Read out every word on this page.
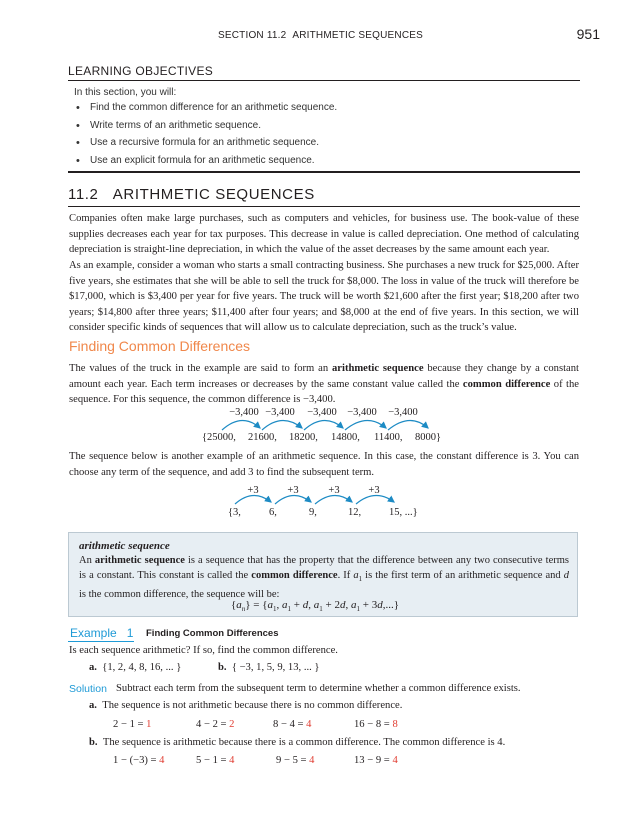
SECTION 11.2 ARITHMETIC SEQUENCES	951
LEARNING OBJECTIVES
In this section, you will:
• Find the common difference for an arithmetic sequence.
• Write terms of an arithmetic sequence.
• Use a recursive formula for an arithmetic sequence.
• Use an explicit formula for an arithmetic sequence.
11.2 ARITHMETIC SEQUENCES
Companies often make large purchases, such as computers and vehicles, for business use. The book-value of these supplies decreases each year for tax purposes. This decrease in value is called depreciation. One method of calculating depreciation is straight-line depreciation, in which the value of the asset decreases by the same amount each year.
As an example, consider a woman who starts a small contracting business. She purchases a new truck for $25,000. After five years, she estimates that she will be able to sell the truck for $8,000. The loss in value of the truck will therefore be $17,000, which is $3,400 per year for five years. The truck will be worth $21,600 after the first year; $18,200 after two years; $14,800 after three years; $11,400 after four years; and $8,000 at the end of five years. In this section, we will consider specific kinds of sequences that will allow us to calculate depreciation, such as the truck’s value.
Finding Common Differences
The values of the truck in the example are said to form an arithmetic sequence because they change by a constant amount each year. Each term increases or decreases by the same constant value called the common difference of the sequence. For this sequence, the common difference is −3,400.
−3,400 −3,400 −3,400 −3,400 −3,400
{25000, 21600, 18200, 14800, 11400, 8000}
The sequence below is another example of an arithmetic sequence. In this case, the constant difference is 3. You can choose any term of the sequence, and add 3 to find the subsequent term.
+3	+3	+3	+3
{3,	6,	9,	12,	15, ...}
arithmetic sequence
An arithmetic sequence is a sequence that has the property that the difference between any two consecutive terms is a constant. This constant is called the common difference. If $a_1$ is the first term of an arithmetic sequence and d is the common difference, the sequence will be:
$\{a_n\} = \{a_1$, $a_1 + d$, $a_1 + 2d$, $a_1 + 3d$,...}
Example 1 Finding Common Differences
Is each sequence arithmetic? If so, find the common difference.
a. {1, 2, 4, 8, 16, ... }	b. { −3, 1, 5, 9, 13, ... }
Solution Subtract each term from the subsequent term to determine whether a common difference exists.
a. The sequence is not arithmetic because there is no common difference.
2 − 1 = 1	4 − 2 = 2	8 − 4 = 4	16 − 8 = 8
b. The sequence is arithmetic because there is a common difference. The common difference is 4.
1 − (−3) = 4	5 − 1 = 4	9 − 5 = 4	13 − 9 = 4
